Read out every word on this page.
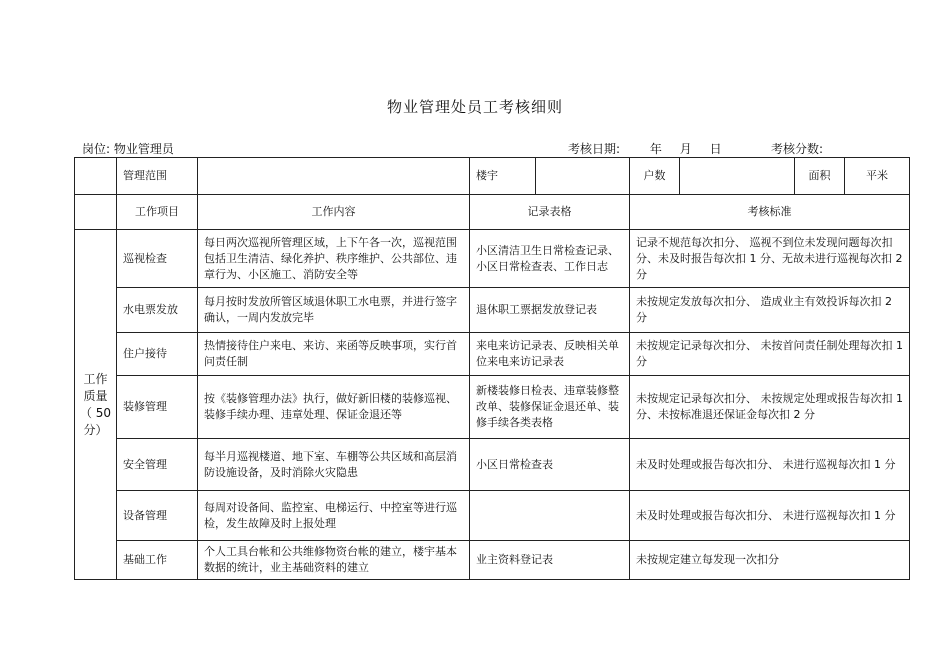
物业管理处员工考核细则
岗位: 物业管理员	考核日期: 年 月 日	考核分数:
	管理范围		楼宇		户数		面积	平米
	工作项目	工作内容	记录表格		考核标准			

工作
质量
（ 50
分）	巡视检查	每日两次巡视所管理区域，上下午各一次，巡视范围包括卫生清洁、绿化养护、秩序维护、公共部位、违章行为、小区施工、消防安全等	小区清洁卫生日常检查记录、小区日常检查表、工作日志		记录不规范每次扣分、 巡视不到位未发现问题每次扣分、未及时报告每次扣 1 分、无故未进行巡视每次扣 2 分			
	水电票发放	每月按时发放所管区域退休职工水电票，并进行签字确认，一周内发放完毕	退休职工票据发放登记表		未按规定发放每次扣分、 造成业主有效投诉每次扣 2 分			
	住户接待	热情接待住户来电、来访、来函等反映事项，实行首问责任制	来电来访记录表、反映相关单位来电来访记录表		未按规定记录每次扣分、 未按首问责任制处理每次扣 1 分			
	装修管理	按《装修管理办法》执行，做好新旧楼的装修巡视、装修手续办理、违章处理、保证金退还等	新楼装修日检表、违章装修整改单、装修保证金退还单、装修手续各类表格		未按规定记录每次扣分、 未按规定处理或报告每次扣 1 分、未按标准退还保证金每次扣 2 分			
	安全管理	每半月巡视楼道、地下室、车棚等公共区域和高层消防设施设备，及时消除火灾隐患	小区日常检查表		未及时处理或报告每次扣分、 未进行巡视每次扣 1 分			
	设备管理	每周对设备间、监控室、电梯运行、中控室等进行巡检，发生故障及时上报处理			未及时处理或报告每次扣分、 未进行巡视每次扣 1 分			
	基础工作	个人工具台帐和公共维修物资台帐的建立，楼宇基本数据的统计，业主基础资料的建立	业主资料登记表		未按规定建立每发现一次扣分			
